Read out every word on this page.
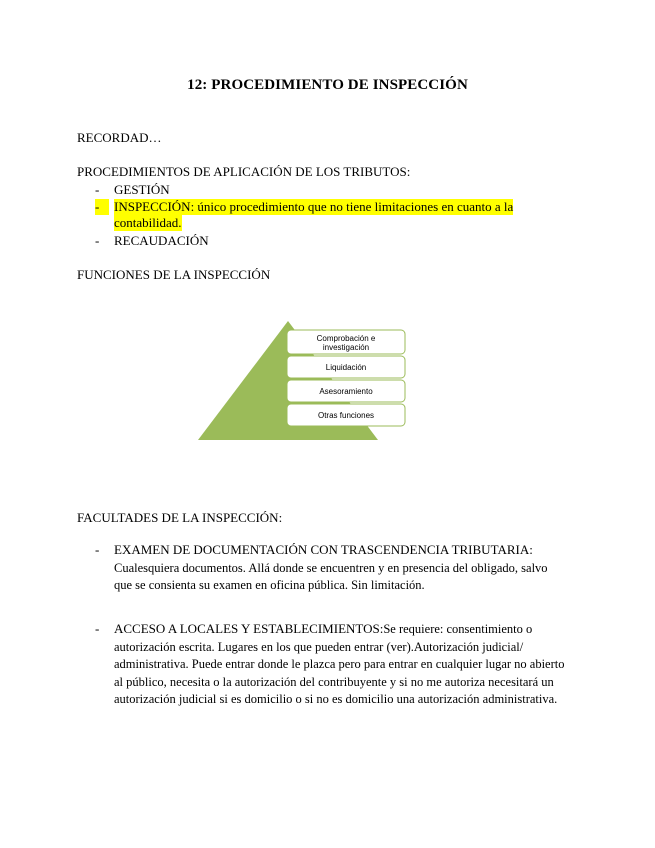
12: PROCEDIMIENTO DE INSPECCIÓN
RECORDAD…
PROCEDIMIENTOS DE APLICACIÓN DE LOS TRIBUTOS:
-	GESTIÓN
-	INSPECCIÓN: único procedimiento que no tiene limitaciones en cuanto a la
contabilidad.
-	RECAUDACIÓN
FUNCIONES DE LA INSPECCIÓN
Comprobación e
investigación
Liquidación
Asesoramiento
Otras funciones
FACULTADES DE LA INSPECCIÓN:
- EXAMEN DE DOCUMENTACIÓN CON TRASCENDENCIA TRIBUTARIA: Cualesquiera documentos. Allá donde se encuentren y en presencia del obligado, salvo que se consienta su examen en oficina pública. Sin limitación.
- ACCESO A LOCALES Y ESTABLECIMIENTOS:Se requiere: consentimiento o autorización escrita. Lugares en los que pueden entrar (ver).Autorización judicial/ administrativa. Puede entrar donde le plazca pero para entrar en cualquier lugar no abierto al público, necesita o la autorización del contribuyente y si no me autoriza necesitará un autorización judicial si es domicilio o si no es domicilio una autorización administrativa.
